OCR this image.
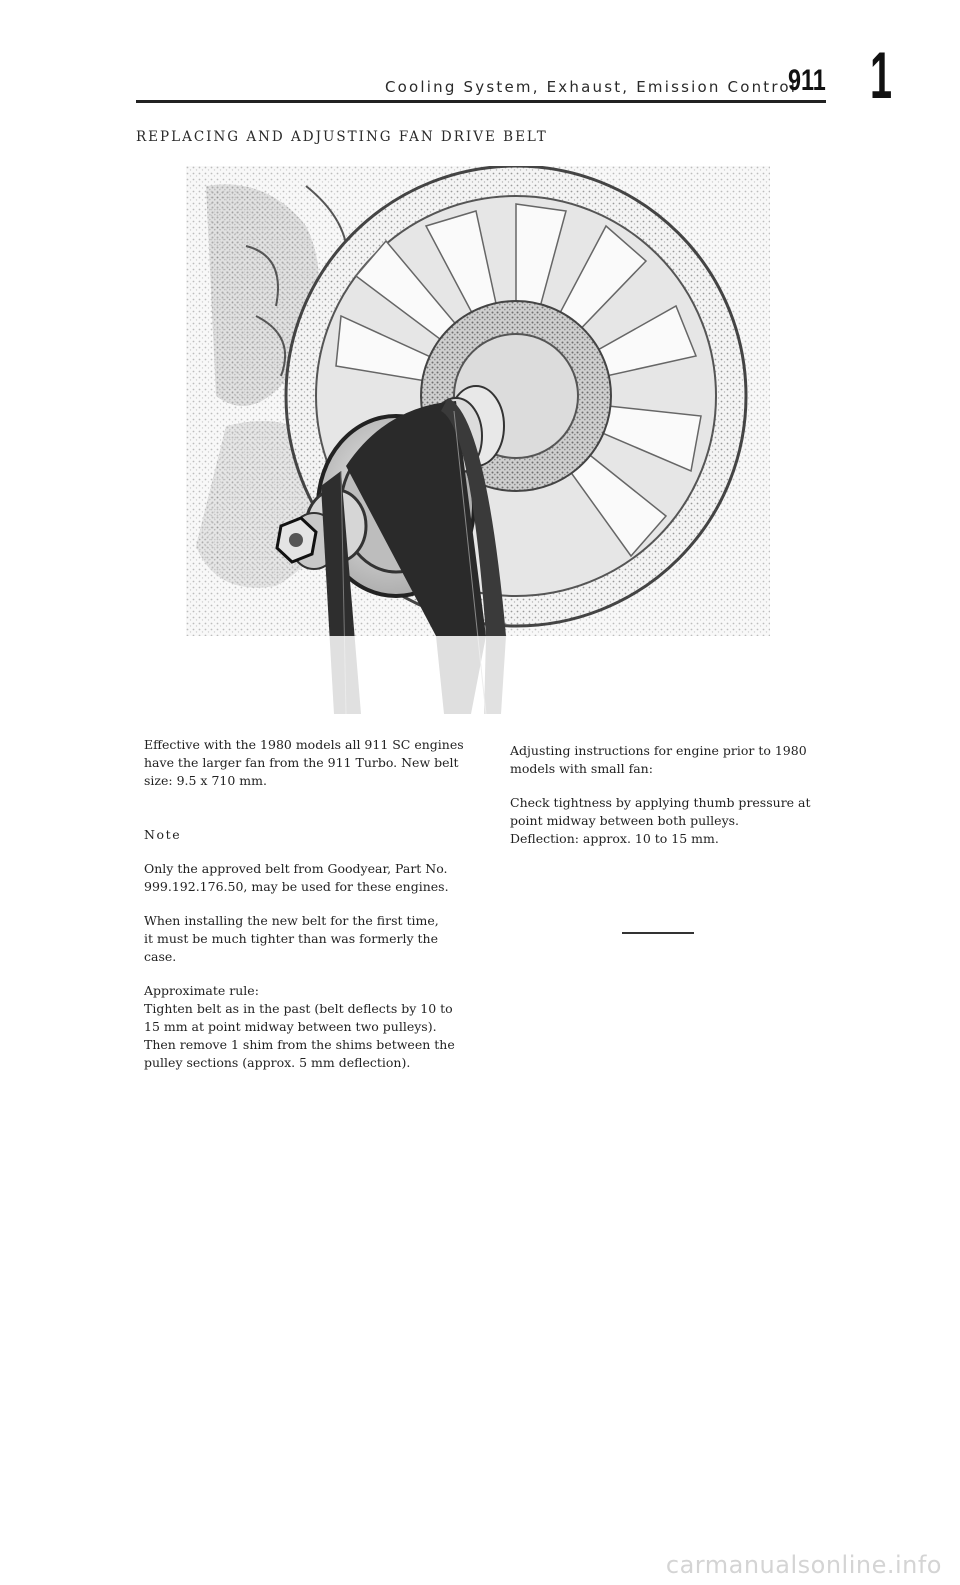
Cooling System, Exhaust, Emission Control
911 1
REPLACING AND ADJUSTING FAN DRIVE BELT

Effective with the 1980 models all 911 SC engines
have the larger fan from the 911 Turbo. New belt
size: 9.5 x 710 mm.

Note

Only the approved belt from Goodyear, Part No.
999.192.176.50, may be used for these engines.

When installing the new belt for the first time,
it must be much tighter than was formerly the
case.

Approximate rule:

Tighten belt as in the past (belt deflects by 10 to
15 mm at point midway between two pulleys).
Then remove 1 shim from the shims between the
pulley sections (approx. 5 mm deflection).

Adjusting instructions for engine prior to 1980
models with small fan:

Check tightness by applying thumb pressure at
point midway between both pulleys.
Deflection: approx. 10 to 15 mm.

carmanualsonline.info
